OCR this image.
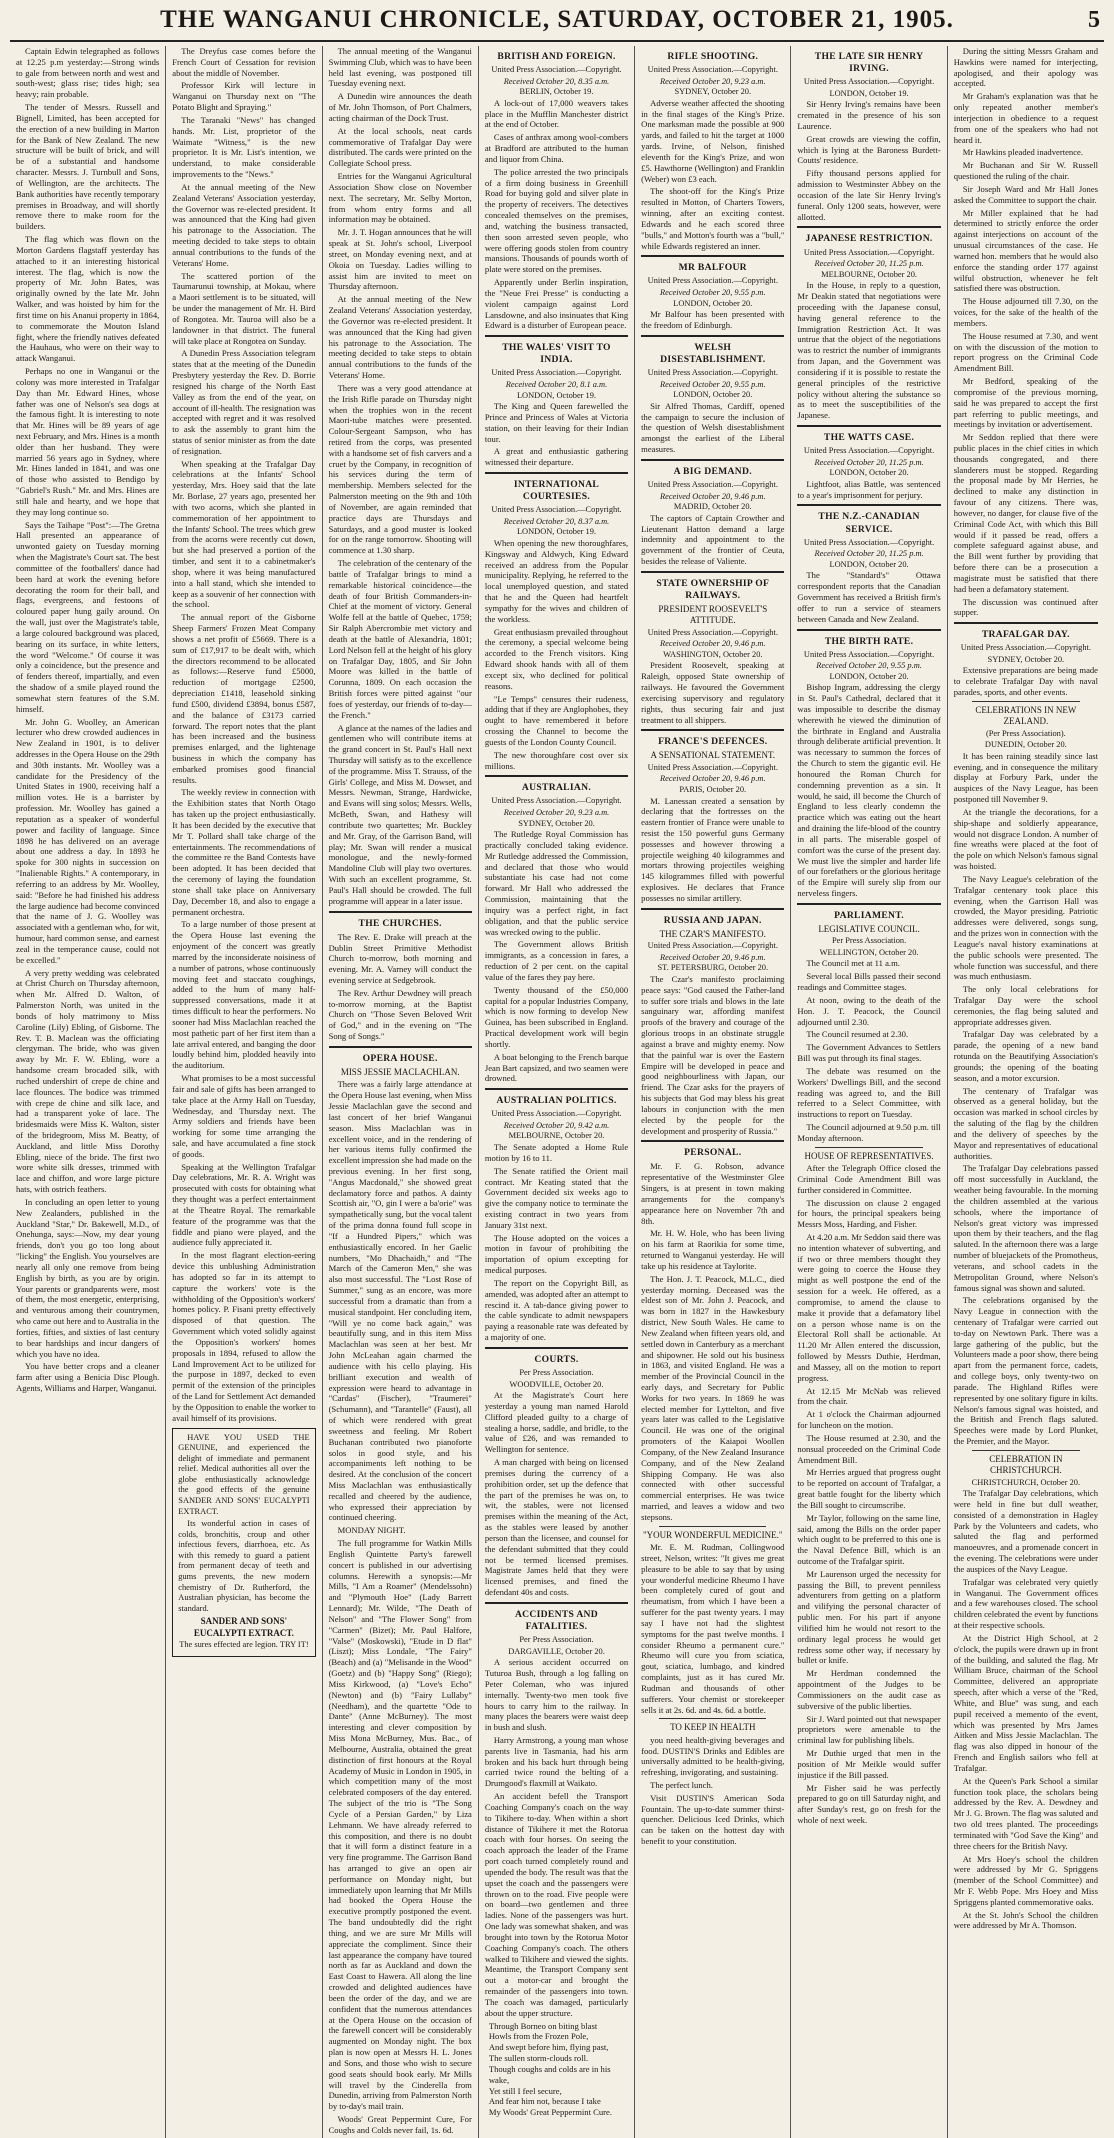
THE WANGANUI CHRONICLE, SATURDAY, OCTOBER 21, 1905.	5

Captain Edwin telegraphed as follows at 12.25 p.m yesterday:—Strong winds to gale from between north and west and south-west; glass rise; tides high; sea heavy; rain probable.

The tender of Messrs. Russell and Bignell, Limited, has been accepted for the erection of a new building in Marton for the Bank of New Zealand. The new structure will be built of brick, and will be of a substantial and handsome character. Messrs. J. Turnbull and Sons, of Wellington, are the architects. The Bank authorities have recently temporary premises in Broadway, and will shortly remove there to make room for the builders.

The flag which was flown on the Morton Gardens flagstaff yesterday has attached to it an interesting historical interest. The flag, which is now the property of Mr. John Bates, was originally owned by the late Mr. John Walker, and was hoisted by him for the first time on his Ananui property in 1864, to commemorate the Mouton Island fight, where the friendly natives defeated the Hauhaus, who were on their way to attack Wanganui.

Perhaps no one in Wanganui or the colony was more interested in Trafalgar Day than Mr. Edward Hines, whose father was one of Nelson's sea dogs at the famous fight. It is interesting to note that Mr. Hines will be 89 years of age next February, and Mrs. Hines is a month older than her husband. They were married 56 years ago in Sydney, where Mr. Hines landed in 1841, and was one of those who assisted to Bendigo by "Gabriel's Rush." Mr. and Mrs. Hines are still hale and hearty, and we hope that they may long continue so.

Says the Taihape "Post":—The Gretna Hall presented an appearance of unwonted gaiety on Tuesday morning when the Magistrate's Court sat. The best committee of the footballers' dance had been hard at work the evening before decorating the room for their ball, and flags, evergreens, and festoons of coloured paper hung gaily around. On the wall, just over the Magistrate's table, a large coloured background was placed, bearing on its surface, in white letters, the word "Welcome." Of course it was only a coincidence, but the presence and of fenders thereof, impartially, and even the shadow of a smile played round the somewhat stern features of the S.M. himself.

Mr. John G. Woolley, an American lecturer who drew crowded audiences in New Zealand in 1901, is to deliver addresses in the Opera House on the 29th and 30th instants. Mr. Woolley was a candidate for the Presidency of the United States in 1900, receiving half a million votes. He is a barrister by profession. Mr. Woolley has gained a reputation as a speaker of wonderful power and facility of language. Since 1898 he has delivered on an average about one address a day. In 1893 he spoke for 300 nights in succession on "Inalienable Rights." A contemporary, in referring to an address by Mr. Woolley, said: "Before he had finished his address the large audience had become convinced that the name of J. G. Woolley was associated with a gentleman who, for wit, humour, hard common sense, and earnest zeal in the temperance cause, could not be excelled."

A very pretty wedding was celebrated at Christ Church on Thursday afternoon, when Mr. Alfred D. Walton, of Palmerston North, was united in the bonds of holy matrimony to Miss Caroline (Lily) Ebling, of Gisborne. The Rev. T. B. Maclean was the officiating clergyman. The bride, who was given away by Mr. F. W. Ebling, wore a handsome cream brocaded silk, with ruched undershirt of crepe de chine and lace flounces. The bodice was trimmed with crepe de chine and silk lace, and had a transparent yoke of lace. The bridesmaids were Miss K. Walton, sister of the bridegroom, Miss M. Beatty, of Auckland, and little Miss Dorothy Ebling, niece of the bride. The first two wore white silk dresses, trimmed with lace and chiffon, and wore large picture hats, with ostrich feathers.

In concluding an open letter to young New Zealanders, published in the Auckland "Star," Dr. Bakewell, M.D., of Onehunga, says:—Now, my dear young friends, don't you go too long about "licking" the English. You yourselves are nearly all only one remove from being English by birth, as you are by origin. Your parents or grandparents were, most of them, the most energetic, enterprising, and venturous among their countrymen, who came out here and to Australia in the forties, fifties, and sixties of last century to bear hardships and incur dangers of which you have no idea.

You have better crops and a cleaner farm after using a Benicia Disc Plough. Agents, Williams and Harper, Wanganui.

The Dreyfus case comes before the French Court of Cessation for revision about the middle of November.

Professor Kirk will lecture in Wanganui on Thursday next on "The Potato Blight and Spraying."

The Taranaki "News" has changed hands. Mr. List, proprietor of the Waimate "Witness," is the new proprietor. It is Mr. List's intention, we understand, to make considerable improvements to the "News."

At the annual meeting of the New Zealand Veterans' Association yesterday, the Governor was re-elected president. It was announced that the King had given his patronage to the Association. The meeting decided to take steps to obtain annual contributions to the funds of the Veterans' Home.

The scattered portion of the Taumarunui township, at Mokau, where a Maori settlement is to be situated, will be under the management of Mr. H. Bird of Rongotea. Mr. Tauroa will also be a landowner in that district. The funeral will take place at Rongotea on Sunday.

A Dunedin Press Association telegram states that at the meeting of the Dunedin Presbytery yesterday the Rev. D. Borrie resigned his charge of the North East Valley as from the end of the year, on account of ill-health. The resignation was accepted with regret and it was resolved to ask the assembly to grant him the status of senior minister as from the date of resignation.

When speaking at the Trafalgar Day celebrations at the Infants' School yesterday, Mrs. Hoey said that the late Mr. Borlase, 27 years ago, presented her with two acorns, which she planted in commemoration of her appointment to the Infants' School. The trees which grew from the acorns were recently cut down, but she had preserved a portion of the timber, and sent it to a cabinetmaker's shop, where it was being manufactured into a hall stand, which she intended to keep as a souvenir of her connection with the school.

The annual report of the Gisborne Sheep Farmers' Frozen Meat Company shows a net profit of £5669. There is a sum of £17,917 to be dealt with, which the directors recommend to be allocated as follows:—Reserve fund £5000, reduction of mortgage £2500, depreciation £1418, leasehold sinking fund £500, dividend £3894, bonus £587, and the balance of £3173 carried forward. The report notes that the plant has been increased and the business premises enlarged, and the lightenage business in which the company has embarked promises good financial results.

The weekly review in connection with the Exhibition states that North Otago has taken up the project enthusiastically. It has been decided by the executive that Mr T. Pollard shall take charge of the entertainments. The recommendations of the committee re the Band Contests have been adopted. It has been decided that the ceremony of laying the foundation stone shall take place on Anniversary Day, December 18, and also to engage a permanent orchestra.

To a large number of those present at the Opera House last evening the enjoyment of the concert was greatly marred by the inconsiderate noisiness of a number of patrons, whose continuously moving feet and staccato coughings, added to the hum of many half-suppressed conversations, made it at times difficult to hear the performers. No sooner had Miss Maclachlan reached the most pathetic part of her first item than a late arrival entered, and banging the door loudly behind him, plodded heavily into the auditorium.

What promises to be a most successful fair and sale of gifts has been arranged to take place at the Army Hall on Tuesday, Wednesday, and Thursday next. The Army soldiers and friends have been working for some time arranging the sale, and have accumulated a fine stock of goods.

Speaking at the Wellington Trafalgar Day celebrations, Mr. R. A. Wright was prosecuted with costs for obtaining what they thought was a perfect entertainment at the Theatre Royal. The remarkable feature of the programme was that the fiddle and piano were played, and the audience fully appreciated it.

In the most flagrant election-eering device this unblushing Administration has adopted so far in its attempt to capture the workers' vote is the withholding of the Opposition's workers' homes policy. P. Fisani pretty effectively disposed of that question. The Government which voted solidly against the Opposition's workers' homes proposals in 1894, refused to allow the Land Improvement Act to be utilized for the purpose in 1897, decked to even permit of the extension of the principles of the Land for Settlement Act demanded by the Opposition to enable the worker to avail himself of its provisions.

HAVE YOU USED THE GENUINE, and experienced the delight of immediate and permanent relief. Medical authorities all over the globe enthusiastically acknowledge the good effects of the genuine SANDER AND SONS' EUCALYPTI EXTRACT.

Its wonderful action in cases of colds, bronchitis, croup and other infectious fevers, diarrhoea, etc. As with this remedy to guard a patient from permanent decay of teeth and gums prevents, the new modern chemistry of Dr. Rutherford, the Australian physician, has become the standard.

SANDER AND SONS' EUCALYPTI EXTRACT.
The sures effected are legion. TRY IT!

The annual meeting of the Wanganui Swimming Club, which was to have been held last evening, was postponed till Tuesday evening next.

A Dunedin wire announces the death of Mr. John Thomson, of Port Chalmers, acting chairman of the Dock Trust.

At the local schools, neat cards commemorative of Trafalgar Day were distributed. The cards were printed on the Collegiate School press.

Entries for the Wanganui Agricultural Association Show close on November next. The secretary, Mr. Selby Morton, from whom entry forms and all information may be obtained.

Mr. J. T. Hogan announces that he will speak at St. John's school, Liverpool street, on Monday evening next, and at Okoia on Tuesday. Ladies willing to assist him are invited to meet on Thursday afternoon.

At the annual meeting of the New Zealand Veterans' Association yesterday, the Governor was re-elected president. It was announced that the King had given his patronage to the Association. The meeting decided to take steps to obtain annual contributions to the funds of the Veterans' Home.

There was a very good attendance at the Irish Rifle parade on Thursday night when the trophies won in the recent Maori-tube matches were presented. Colour-Sergeant Sampson, who has retired from the corps, was presented with a handsome set of fish carvers and a cruet by the Company, in recognition of his services during the term of membership. Members selected for the Palmerston meeting on the 9th and 10th of November, are again reminded that practice days are Thursdays and Saturdays, and a good muster is looked for on the range tomorrow. Shooting will commence at 1.30 sharp.

The celebration of the centenary of the battle of Trafalgar brings to mind a remarkable historical coincidence—the death of four British Commanders-in-Chief at the moment of victory. General Wolfe fell at the battle of Quebec, 1759; Sir Ralph Abercrombie met victory and death at the battle of Alexandria, 1801; Lord Nelson fell at the height of his glory on Trafalgar Day, 1805, and Sir John Moore was killed in the battle of Corunna, 1809. On each occasion the British forces were pitted against "our foes of yesterday, our friends of to-day—the French."

A glance at the names of the ladies and gentlemen who will contribute items at the grand concert in St. Paul's Hall next Thursday will satisfy as to the excellence of the programme. Miss T. Strauss, of the Girls' College, and Miss M. Dowset, and Messrs. Newman, Strange, Hardwicke, and Evans will sing solos; Messrs. Wells, McBeth, Swan, and Hathesy will contribute two quartettes; Mr. Buckley and Mr. Gray, of the Garrison Band, will play; Mr. Swan will render a musical monologue, and the newly-formed Mandoline Club will play two overtures. With such an excellent programme, St. Paul's Hall should be crowded. The full programme will appear in a later issue.

THE CHURCHES.

The Rev. E. Drake will preach at the Dublin Street Primitive Methodist Church to-morrow, both morning and evening. Mr. A. Varney will conduct the evening service at Sedgebrook.

The Rev. Arthur Dewdney will preach to-morrow morning, at the Baptist Church on "Those Seven Beloved Writ of God," and in the evening on "The Song of Songs."

OPERA HOUSE.
MISS JESSIE MACLACHLAN.

There was a fairly large attendance at the Opera House last evening, when Miss Jessie Maclachlan gave the second and last concert of her brief Wanganui season. Miss Maclachlan was in excellent voice, and in the rendering of her various items fully confirmed the excellent impression she had made on the previous evening. In her first song, "Angus Macdonald," she showed great declamatory force and pathos. A dainty Scottish air, "O, gin I were a ba'orie" was sympathetically sung, but the vocal talent of the prima donna found full scope in "If a Hundred Pipers," which was enthusiastically encored. In her Gaelic numbers, "Mo Dhachaidh," and "The March of the Cameron Men," she was also most successful. The "Lost Rose of Summer," sung as an encore, was more successful from a dramatic than from a musical standpoint. Her concluding item, "Will ye no come back again," was beautifully sung, and in this item Miss Maclachlan was seen at her best. Mr John McLeahan again charmed the audience with his cello playing. His brilliant execution and wealth of expression were heard to advantage in "Cardas" (Fischer), "Traumerei" (Schumann), and "Tarantelle" (Faust), all of which were rendered with great sweetness and feeling. Mr Robert Buchanan contributed two pianoforte solos in good style, and his accompaniments left nothing to be desired. At the conclusion of the concert Miss Maclachlan was enthusiastically recalled and cheered by the audience, who expressed their appreciation by continued cheering.

MONDAY NIGHT.

The full programme for Watkin Mills English Quintette Party's farewell concert is published in our advertising columns. Herewith a synopsis:—Mr Mills, "I Am a Roamer" (Mendelssohn) and "Plymouth Hoe" (Lady Barrett Lennard); Mr. Wilde, "The Death of Nelson" and "The Flower Song" from "Carmen" (Bizet); Mr. Paul Halfore, "Valse" (Moskowski), "Etude in D flat" (Liszt); Miss Londale, "The Fairy" (Beach) and (a) "Melisande in the Wood" (Goetz) and (b) "Happy Song" (Riego); Miss Kirkwood, (a) "Love's Echo" (Newton) and (b) "Fairy Lullaby" (Needham), and the quartette "Ode to Dante" (Anne McBurney). The most interesting and clever composition by Miss Mona McBurney, Mus. Bac., of Melbourne, Australia, obtained the great distinction of first honours at the Royal Academy of Music in London in 1905, in which competition many of the most celebrated composers of the day entered. The subject of the trio is "The Song Cycle of a Persian Garden," by Liza Lehmann. We have already referred to this composition, and there is no doubt that it will form a distinct feature in a very fine programme. The Garrison Band has arranged to give an open air performance on Monday night, but immediately upon learning that Mr Mills had booked the Opera House the executive promptly postponed the event. The band undoubtedly did the right thing, and we are sure Mr Mills will appreciate the compliment. Since their last appearance the company have toured north as far as Auckland and down the East Coast to Hawera. All along the line crowded and delighted audiences have been the order of the day, and we are confident that the numerous attendances at the Opera House on the occasion of the farewell concert will be considerably augmented on Monday night. The box plan is now open at Messrs H. L. Jones and Sons, and those who wish to secure good seats should book early. Mr Mills will travel by the Cinderella from Dunedin, arriving from Palmerston North by to-day's mail train.

Woods' Great Peppermint Cure, For Coughs and Colds never fail, 1s. 6d.

BRITISH AND FOREIGN.
United Press Association.—Copyright.
Received October 20, 8.35 a.m.
BERLIN, October 19.

A lock-out of 17,000 weavers takes place in the Mufflin Manchester district at the end of October.

Cases of anthrax among wool-combers at Bradford are attributed to the human and liquor from China.

The police arrested the two principals of a firm doing business in Greenhill Road for buying gold and silver plate in the property of receivers. The detectives concealed themselves on the premises, and, watching the business transacted, then soon arrested seven people, who were offering goods stolen from country mansions. Thousands of pounds worth of plate were stored on the premises.

Apparently under Berlin inspiration, the "Neue Frei Presse" is conducting a violent campaign against Lord Lansdowne, and also insinuates that King Edward is a disturber of European peace.

THE WALES' VISIT TO INDIA.
United Press Association.—Copyright.
Received October 20, 8.1 a.m.
LONDON, October 19.

The King and Queen farewelled the Prince and Princess of Wales at Victoria station, on their leaving for their Indian tour.

A great and enthusiastic gathering witnessed their departure.

INTERNATIONAL COURTESIES.
United Press Association.—Copyright.
Received October 20, 8.37 a.m.
LONDON, October 19.

When opening the new thoroughfares, Kingsway and Aldwych, King Edward received an address from the Popular municipality. Replying, he referred to the local unemployed question, and stated that he and the Queen had heartfelt sympathy for the wives and children of the workless.

Great enthusiasm prevailed throughout the ceremony, a special welcome being accorded to the French visitors. King Edward shook hands with all of them except six, who declined for political reasons.

"Le Temps" censures their rudeness, adding that if they are Anglophobes, they ought to have remembered it before crossing the Channel to become the guests of the London County Council.

The new thoroughfare cost over six millions.

AUSTRALIAN.
United Press Association.—Copyright.
Received October 20, 9.23 a.m.
SYDNEY, October 20.

The Rutledge Royal Commission has practically concluded taking evidence. Mr Rutledge addressed the Commission, and declared that those who would substantiate his case had not come forward. Mr Hall who addressed the Commission, maintaining that the inquiry was a perfect right, in fact obligation, and that the public service was wrecked owing to the public.

The Government allows British immigrants, as a concession in fares, a reduction of 2 per cent. on the capital value of the fares they pay here.

Twenty thousand of the £50,000 capital for a popular Industries Company, which is now forming to develop New Guinea, has been subscribed in England. Practical development work will begin shortly.

A boat belonging to the French barque Jean Bart capsized, and two seamen were drowned.

AUSTRALIAN POLITICS.
United Press Association.—Copyright.
Received October 20, 9.42 a.m.
MELBOURNE, October 20.

The Senate adopted a Home Rule motion by 16 to 11.

The Senate ratified the Orient mail contract. Mr Keating stated that the Government decided six weeks ago to give the company notice to terminate the existing contract in two years from January 31st next.

The House adopted on the voices a motion in favour of prohibiting the importation of opium excepting for medical purposes.

The report on the Copyright Bill, as amended, was adopted after an attempt to rescind it. A tab-dance giving power to the cable syndicate to admit newspapers paying a reasonable rate was defeated by a majority of one.

COURTS.
Per Press Association.
WOODVILLE, October 20.

At the Magistrate's Court here yesterday a young man named Harold Clifford pleaded guilty to a charge of stealing a horse, saddle, and bridle, to the value of £26, and was remanded to Wellington for sentence.

A man charged with being on licensed premises during the currency of a prohibition order, set up the defence that the part of the premises he was on, to wit, the stables, were not licensed premises within the meaning of the Act, as the stables were leased by another person than the licensee, and counsel for the defendant submitted that they could not be termed licensed premises. Magistrate James held that they were licensed premises, and fined the defendant 40s and costs.

ACCIDENTS AND FATALITIES.
Per Press Association.
DARGAVILLE, October 20.

A serious accident occurred on Tuturoa Bush, through a log falling on Peter Coleman, who was injured internally. Twenty-two men took five hours to carry him to the railway. In many places the bearers were waist deep in bush and slush.

Harry Armstrong, a young man whose parents live in Tasmania, had his arm broken and his back hurt through being carried twice round the belting of a Drumgood's flaxmill at Waikato.

An accident befell the Transport Coaching Company's coach on the way to Tikihere to-day. When within a short distance of Tikihere it met the Rotorua coach with four horses. On seeing the coach approach the leader of the Frame port coach turned completely round and upended the body. The result was that the upset the coach and the passengers were thrown on to the road. Five people were on board—two gentlemen and three ladies. None of the passengers was hurt. One lady was somewhat shaken, and was brought into town by the Rotorua Motor Coaching Company's coach. The others walked to Tikihere and viewed the sights. Meantime, the Transport Company sent out a motor-car and brought the remainder of the passengers into town. The coach was damaged, particularly about the upper structure.

Through Borneo on biting blast
Howls from the Frozen Pole,
And swept before him, flying past,
The sullen storm-clouds roll.
Though coughs and colds are in his wake,
Yet still I feel secure,
And fear him not, because I take
My Woods' Great Peppermint Cure.
RIFLE SHOOTING.
United Press Association.—Copyright.
Received October 20, 9.23 a.m.
SYDNEY, October 20.

Adverse weather affected the shooting in the final stages of the King's Prize. One marksman made the possible at 900 yards, and failed to hit the target at 1000 yards. Irvine, of Nelson, finished eleventh for the King's Prize, and won £5. Hawthorne (Wellington) and Franklin (Weber) won £3 each.

The shoot-off for the King's Prize resulted in Motton, of Charters Towers, winning, after an exciting contest. Edwards and he each scored three "bulls," and Motton's fourth was a "bull," while Edwards registered an inner.

MR BALFOUR
United Press Association.—Copyright.
Received October 20, 9.55 p.m.
LONDON, October 20.

Mr Balfour has been presented with the freedom of Edinburgh.

WELSH DISESTABLISHMENT.
United Press Association.—Copyright.
Received October 20, 9.55 p.m.
LONDON, October 20.

Sir Alfred Thomas, Cardiff, opened the campaign to secure the inclusion of the question of Welsh disestablishment amongst the earliest of the Liberal measures.

A BIG DEMAND.
United Press Association.—Copyright.
Received October 20, 9.46 p.m.
MADRID, October 20.

The captors of Captain Crowther and Lieutenant Hatton demand a large indemnity and appointment to the government of the frontier of Ceuta, besides the release of Valiente.

STATE OWNERSHIP OF RAILWAYS.
PRESIDENT ROOSEVELT'S ATTITUDE.
United Press Association.—Copyright.
Received October 20, 9.46 p.m.
WASHINGTON, October 20.

President Roosevelt, speaking at Raleigh, opposed State ownership of railways. He favoured the Government exercising supervisory and regulatory rights, thus securing fair and just treatment to all shippers.

FRANCE'S DEFENCES.
A SENSATIONAL STATEMENT.
United Press Association.—Copyright.
Received October 20, 9.46 p.m.
PARIS, October 20.

M. Lanessan created a sensation by declaring that the fortresses on the eastern frontier of France were unable to resist the 150 powerful guns Germany possesses and however throwing a projectile weighing 40 kilogrammes and mortars throwing projectiles weighing 145 kilogrammes filled with powerful explosives. He declares that France possesses no similar artillery.

RUSSIA AND JAPAN.
THE CZAR'S MANIFESTO.
United Press Association.—Copyright.
Received October 20, 9.46 p.m.
ST. PETERSBURG, October 20.

The Czar's manifesto proclaiming peace says: "God caused the Father-land to suffer sore trials and blows in the late sanguinary war, affording manifest proofs of the bravery and courage of the glorious troops in an obstinate struggle against a brave and mighty enemy. Now that the painful war is over the Eastern Empire will be developed in peace and good neighbourliness with Japan, our friend. The Czar asks for the prayers of his subjects that God may bless his great labours in conjunction with the men elected by the people for the development and prosperity of Russia."

PERSONAL.

Mr. F. G. Robson, advance representative of the Westminster Glee Singers, is at present in town making arrangements for the company's appearance here on November 7th and 8th.

Mr. H. W. Hole, who has been living on his farm at Raorikia for some time, returned to Wanganui yesterday. He will take up his residence at Taylorite.

The Hon. J. T. Peacock, M.L.C., died yesterday morning. Deceased was the eldest son of Mr. John J. Peacock, and was born in 1827 in the Hawkesbury district, New South Wales. He came to New Zealand when fifteen years old, and settled down in Canterbury as a merchant and shipowner. He sold out his business in 1863, and visited England. He was a member of the Provincial Council in the early days, and Secretary for Public Works for two years. In 1869 he was elected member for Lyttelton, and five years later was called to the Legislative Council. He was one of the original promoters of the Kaiapoi Woollen Company, of the New Zealand Insurance Company, and of the New Zealand Shipping Company. He was also connected with other successful commercial enterprises. He was twice married, and leaves a widow and two stepsons.

"YOUR WONDERFUL MEDICINE."

Mr. E. M. Rudman, Collingwood street, Nelson, writes: "It gives me great pleasure to be able to say that by using your wonderful medicine Rheumo I have been completely cured of gout and rheumatism, from which I have been a sufferer for the past twenty years. I may say I have not had the slightest symptoms for the past twelve months. I consider Rheumo a permanent cure." Rheumo will cure you from sciatica, gout, sciatica, lumbago, and kindred complaints, just as it has cured Mr. Rudman and thousands of other sufferers. Your chemist or storekeeper sells it at 2s. 6d. and 4s. 6d. a bottle.

TO KEEP IN HEALTH

you need health-giving beverages and food. DUSTIN'S Drinks and Edibles are universally admitted to be health-giving, refreshing, invigorating, and sustaining.

The perfect lunch.

Visit DUSTIN'S American Soda Fountain. The up-to-date summer thirst-quencher. Delicious Iced Drinks, which can be taken on the hottest day with benefit to your constitution.

THE LATE SIR HENRY IRVING.
United Press Association.—Copyright.
LONDON, October 19.

Sir Henry Irving's remains have been cremated in the presence of his son Laurence.

Great crowds are viewing the coffin, which is lying at the Baroness Burdett-Coutts' residence.

Fifty thousand persons applied for admission to Westminster Abbey on the occasion of the late Sir Henry Irving's funeral. Only 1200 seats, however, were allotted.

JAPANESE RESTRICTION.
United Press Association.—Copyright.
Received October 20, 11.25 p.m.
MELBOURNE, October 20.

In the House, in reply to a question, Mr Deakin stated that negotiations were proceeding with the Japanese consul, having general reference to the Immigration Restriction Act. It was untrue that the object of the negotiations was to restrict the number of immigrants from Japan, and the Government was considering if it is possible to restate the general principles of the restrictive policy without altering the substance so as to meet the susceptibilities of the Japanese.

THE WATTS CASE.
United Press Association.—Copyright.
Received October 20, 11.25 p.m.
LONDON, October 20.

Lightfoot, alias Battle, was sentenced to a year's imprisonment for perjury.

THE N.Z.-CANADIAN SERVICE.
United Press Association.—Copyright.
Received October 20, 11.25 p.m.
LONDON, October 20.

The "Standard's" Ottawa correspondent reports that the Canadian Government has received a British firm's offer to run a service of steamers between Canada and New Zealand.

THE BIRTH RATE.
United Press Association.—Copyright.
Received October 20, 9.55 p.m.
LONDON, October 20.

Bishop Ingram, addressing the clergy in St. Paul's Cathedral, declared that it was impossible to describe the dismay wherewith he viewed the diminution of the birthrate in England and Australia through deliberate artificial prevention. It was necessary to summon the forces of the Church to stem the gigantic evil. He honoured the Roman Church for condemning prevention as a sin. It would, he said, ill become the Church of England to less clearly condemn the practice which was eating out the heart and draining the life-blood of the country in all parts. The miserable gospel of comfort was the curse of the present day. We must live the simpler and harder life of our forefathers or the glorious heritage of the Empire will surely slip from our nerveless fingers.

PARLIAMENT.
LEGISLATIVE COUNCIL.
Per Press Association.
WELLINGTON, October 20.

The Council met at 11 a.m.

Several local Bills passed their second readings and Committee stages.

At noon, owing to the death of the Hon. J. T. Peacock, the Council adjourned until 2.30.

The Council resumed at 2.30.

The Government Advances to Settlers Bill was put through its final stages.

The debate was resumed on the Workers' Dwellings Bill, and the second reading was agreed to, and the Bill referred to a Select Committee, with instructions to report on Tuesday.

The Council adjourned at 9.50 p.m. till Monday afternoon.

HOUSE OF REPRESENTATIVES.

After the Telegraph Office closed the Criminal Code Amendment Bill was further considered in Committee.

The discussion on clause 2 engaged for hours, the principal speakers being Messrs Moss, Harding, and Fisher.

At 4.20 a.m. Mr Seddon said there was no intention whatever of subverting, and if two or three members thought they were going to coerce the House they might as well postpone the end of the session for a week. He offered, as a compromise, to amend the clause to make it provide that a defamatory libel on a person whose name is on the Electoral Roll shall be actionable. At 11.20 Mr Allen entered the discussion, followed by Messrs Duthie, Herdman, and Massey, all on the motion to report progress.

At 12.15 Mr McNab was relieved from the chair.

At 1 o'clock the Chairman adjourned for luncheon on the motion.

The House resumed at 2.30, and the nonsual proceeded on the Criminal Code Amendment Bill.

Mr Herries argued that progress ought to be reported on account of Trafalgar, a great battle fought for the liberty which the Bill sought to circumscribe.

Mr Taylor, following on the same line, said, among the Bills on the order paper which ought to be preferred to this one is the Naval Defence Bill, which is an outcome of the Trafalgar spirit.

Mr Laurenson urged the necessity for passing the Bill, to prevent penniless adventurers from getting on a platform and vilifying the personal character of public men. For his part if anyone vilified him he would not resort to the ordinary legal process he would get redress some other way, if necessary by bullet or knife.

Mr Herdman condemned the appointment of the Judges to be Commissioners on the audit case as subversive of the public liberties.

Sir J. Ward pointed out that newspaper proprietors were amenable to the criminal law for publishing libels.

Mr Duthie urged that men in the position of Mr Meikle would suffer injustice if the Bill passed.

Mr Fisher said he was perfectly prepared to go on till Saturday night, and after Sunday's rest, go on fresh for the whole of next week.

During the sitting Messrs Graham and Hawkins were named for interjecting, apologised, and their apology was accepted.

Mr Graham's explanation was that he only repeated another member's interjection in obedience to a request from one of the speakers who had not heard it.

Mr Hawkins pleaded inadvertence.

Mr Buchanan and Sir W. Russell questioned the ruling of the chair.

Sir Joseph Ward and Mr Hall Jones asked the Committee to support the chair.

Mr Miller explained that he had determined to strictly enforce the order against interjections on account of the unusual circumstances of the case. He warned hon. members that he would also enforce the standing order 177 against wilful obstruction, whenever he felt satisfied there was obstruction.

The House adjourned till 7.30, on the voices, for the sake of the health of the members.

The House resumed at 7.30, and went on with the discussion of the motion to report progress on the Criminal Code Amendment Bill.

Mr Bedford, speaking of the compromise of the previous morning, said he was prepared to accept the first part referring to public meetings, and meetings by invitation or advertisement.

Mr Seddon replied that there were public places in the chief cities in which thousands congregated, and there slanderers must be stopped. Regarding the proposal made by Mr Herries, he declined to make any distinction in favour of any citizens. There was, however, no danger, for clause five of the Criminal Code Act, with which this Bill would if it passed be read, offers a complete safeguard against abuse, and the Bill went further by providing that before there can be a prosecution a magistrate must be satisfied that there had been a defamatory statement.

The discussion was continued after supper.

TRAFALGAR DAY.
United Press Association.—Copyright.
SYDNEY, October 20.

Extensive preparations are being made to celebrate Trafalgar Day with naval parades, sports, and other events.

CELEBRATIONS IN NEW ZEALAND.
(Per Press Association).
DUNEDIN, October 20.

It has been raining steadily since last evening, and in consequence the military display at Forbury Park, under the auspices of the Navy League, has been postponed till November 9.

At the triangle the decorations, for a ship-shape and soldierly appearance, would not disgrace London. A number of fine wreaths were placed at the foot of the pole on which Nelson's famous signal was hoisted.

The Navy League's celebration of the Trafalgar centenary took place this evening, when the Garrison Hall was crowded, the Mayor presiding. Patriotic addresses were delivered, songs sung, and the prizes won in connection with the League's naval history examinations at the public schools were presented. The whole function was successful, and there was much enthusiasm.

The only local celebrations for Trafalgar Day were the school ceremonies, the flag being saluted and appropriate addresses given.

Trafalgar Day was celebrated by a parade, the opening of a new band rotunda on the Beautifying Association's grounds; the opening of the boating season, and a motor excursion.

The centenary of Trafalgar was observed as a general holiday, but the occasion was marked in school circles by the saluting of the flag by the children and the delivery of speeches by the Mayor and representatives of educational authorities.

The Trafalgar Day celebrations passed off most successfully in Auckland, the weather being favourable. In the morning the children assembled at the various schools, where the importance of Nelson's great victory was impressed upon them by their teachers, and the flag saluted. In the afternoon there was a large number of bluejackets of the Promotheus, veterans, and school cadets in the Metropolitan Ground, where Nelson's famous signal was shown and saluted.

The celebrations organised by the Navy League in connection with the centenary of Trafalgar were carried out to-day on Newtown Park. There was a large gathering of the public, but the Volunteers made a poor show, there being apart from the permanent force, cadets, and college boys, only twenty-two on parade. The Highland Rifles were represented by one solitary figure in kilts. Nelson's famous signal was hoisted, and the British and French flags saluted. Speeches were made by Lord Plunket, the Premier, and the Mayor.

CELEBRATION IN CHRISTCHURCH.
CHRISTCHURCH, October 20.

The Trafalgar Day celebrations, which were held in fine but dull weather, consisted of a demonstration in Hagley Park by the Volunteers and cadets, who saluted the flag and performed manoeuvres, and a promenade concert in the evening. The celebrations were under the auspices of the Navy League.

Trafalgar was celebrated very quietly in Wanganui. The Government offices and a few warehouses closed. The school children celebrated the event by functions at their respective schools.

At the District High School, at 2 o'clock, the pupils were drawn up in front of the building, and saluted the flag. Mr William Bruce, chairman of the School Committee, delivered an appropriate speech, after which a verse of the "Red, White, and Blue" was sung, and each pupil received a memento of the event, which was presented by Mrs James Aitken and Miss Jessie Maclachlan. The flag was also dipped in honour of the French and English sailors who fell at Trafalgar.

At the Queen's Park School a similar function took place, the scholars being addressed by the Rev. A. Dewdney and Mr J. G. Brown. The flag was saluted and two old trees planted. The proceedings terminated with "God Save the King" and three cheers for the British Navy.

At Mrs Hoey's school the children were addressed by Mr G. Spriggens (member of the School Committee) and Mr F. Webb Pope. Mrs Hoey and Miss Spriggens planted commemorative oaks.

At the St. John's School the children were addressed by Mr A. Thomson.
